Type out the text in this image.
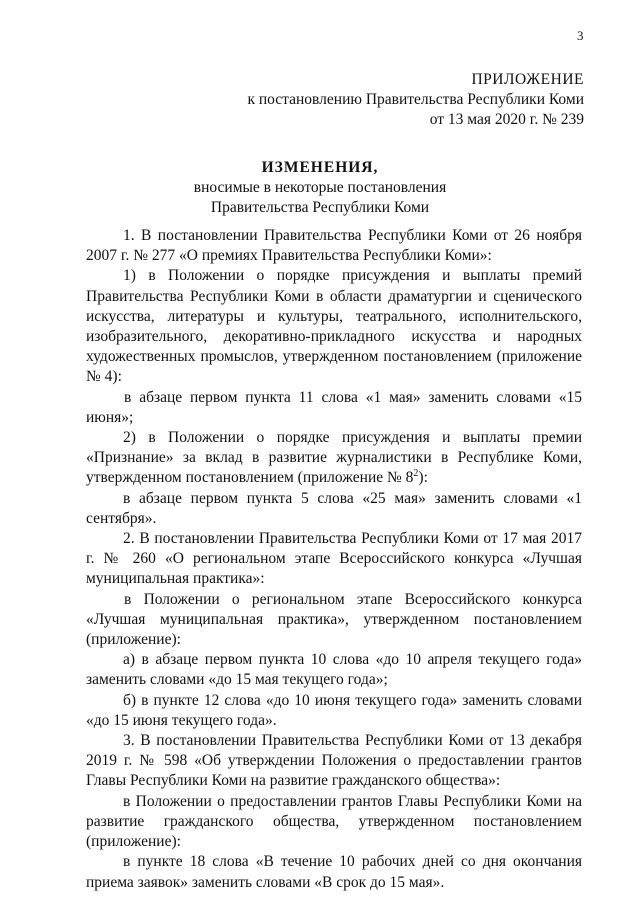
3
ПРИЛОЖЕНИЕ
к постановлению Правительства Республики Коми
от 13 мая 2020 г. № 239
ИЗМЕНЕНИЯ,
вносимые в некоторые постановления
Правительства Республики Коми

1. В постановлении Правительства Республики Коми от 26 ноября 2007 г. № 277 «О премиях Правительства Республики Коми»:

1) в Положении о порядке присуждения и выплаты премий Правительства Республики Коми в области драматургии и сценического искусства, литературы и культуры, театрального, исполнительского, изобразительного, декоративно-прикладного искусства и народных художественных промыслов, утвержденном постановлением (приложение № 4):

в абзаце первом пункта 11 слова «1 мая» заменить словами «15 июня»;

2) в Положении о порядке присуждения и выплаты премии «Признание» за вклад в развитие журналистики в Республике Коми, утвержденном постановлением (приложение № $8^2$):

в абзаце первом пункта 5 слова «25 мая» заменить словами «1 сентября».

2. В постановлении Правительства Республики Коми от 17 мая 2017 г. № 260 «О региональном этапе Всероссийского конкурса «Лучшая муниципальная практика»:

в Положении о региональном этапе Всероссийского конкурса «Лучшая муниципальная практика», утвержденном постановлением (приложение):

а) в абзаце первом пункта 10 слова «до 10 апреля текущего года» заменить словами «до 15 мая текущего года»;

б) в пункте 12 слова «до 10 июня текущего года» заменить словами «до 15 июня текущего года».

3. В постановлении Правительства Республики Коми от 13 декабря 2019 г. № 598 «Об утверждении Положения о предоставлении грантов Главы Республики Коми на развитие гражданского общества»:

в Положении о предоставлении грантов Главы Республики Коми на развитие гражданского общества, утвержденном постановлением (приложение):

в пункте 18 слова «В течение 10 рабочих дней со дня окончания приема заявок» заменить словами «В срок до 15 мая».
